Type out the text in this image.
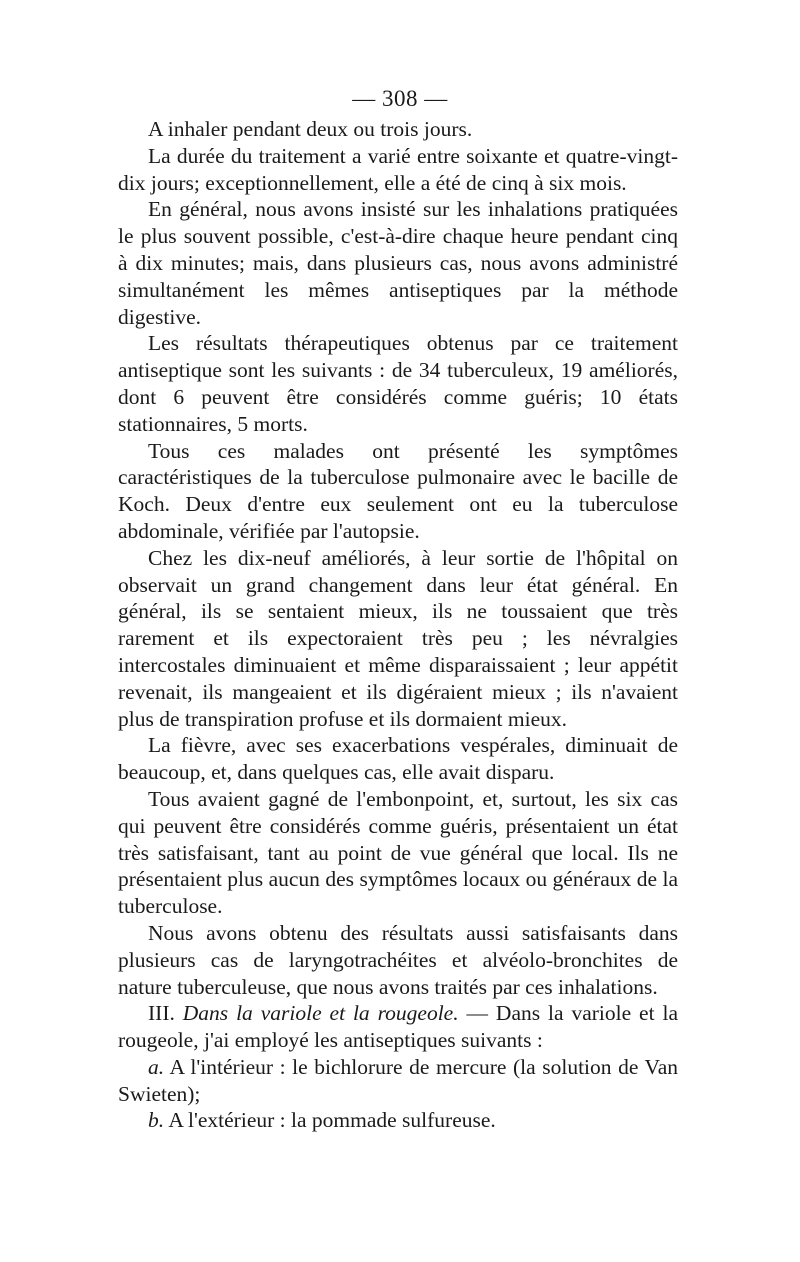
— 308 —

A inhaler pendant deux ou trois jours.

La durée du traitement a varié entre soixante et quatre-vingt-dix jours; exceptionnellement, elle a été de cinq à six mois.

En général, nous avons insisté sur les inhalations pratiquées le plus souvent possible, c'est-à-dire chaque heure pendant cinq à dix minutes; mais, dans plusieurs cas, nous avons administré simultanément les mêmes antiseptiques par la méthode digestive.

Les résultats thérapeutiques obtenus par ce traitement antiseptique sont les suivants : de 34 tuberculeux, 19 améliorés, dont 6 peuvent être considérés comme guéris; 10 états stationnaires, 5 morts.

Tous ces malades ont présenté les symptômes caractéristiques de la tuberculose pulmonaire avec le bacille de Koch. Deux d'entre eux seulement ont eu la tuberculose abdominale, vérifiée par l'autopsie.

Chez les dix-neuf améliorés, à leur sortie de l'hôpital on observait un grand changement dans leur état général. En général, ils se sentaient mieux, ils ne toussaient que très rarement et ils expectoraient très peu ; les névralgies intercostales diminuaient et même disparaissaient ; leur appétit revenait, ils mangeaient et ils digéraient mieux ; ils n'avaient plus de transpiration profuse et ils dormaient mieux.

La fièvre, avec ses exacerbations vespérales, diminuait de beaucoup, et, dans quelques cas, elle avait disparu.

Tous avaient gagné de l'embonpoint, et, surtout, les six cas qui peuvent être considérés comme guéris, présentaient un état très satisfaisant, tant au point de vue général que local. Ils ne présentaient plus aucun des symptômes locaux ou généraux de la tuberculose.

Nous avons obtenu des résultats aussi satisfaisants dans plusieurs cas de laryngotrachéites et alvéolo-bronchites de nature tuberculeuse, que nous avons traités par ces inhalations.

III. Dans la variole et la rougeole. — Dans la variole et la rougeole, j'ai employé les antiseptiques suivants :

a. A l'intérieur : le bichlorure de mercure (la solution de Van Swieten);

b. A l'extérieur : la pommade sulfureuse.
